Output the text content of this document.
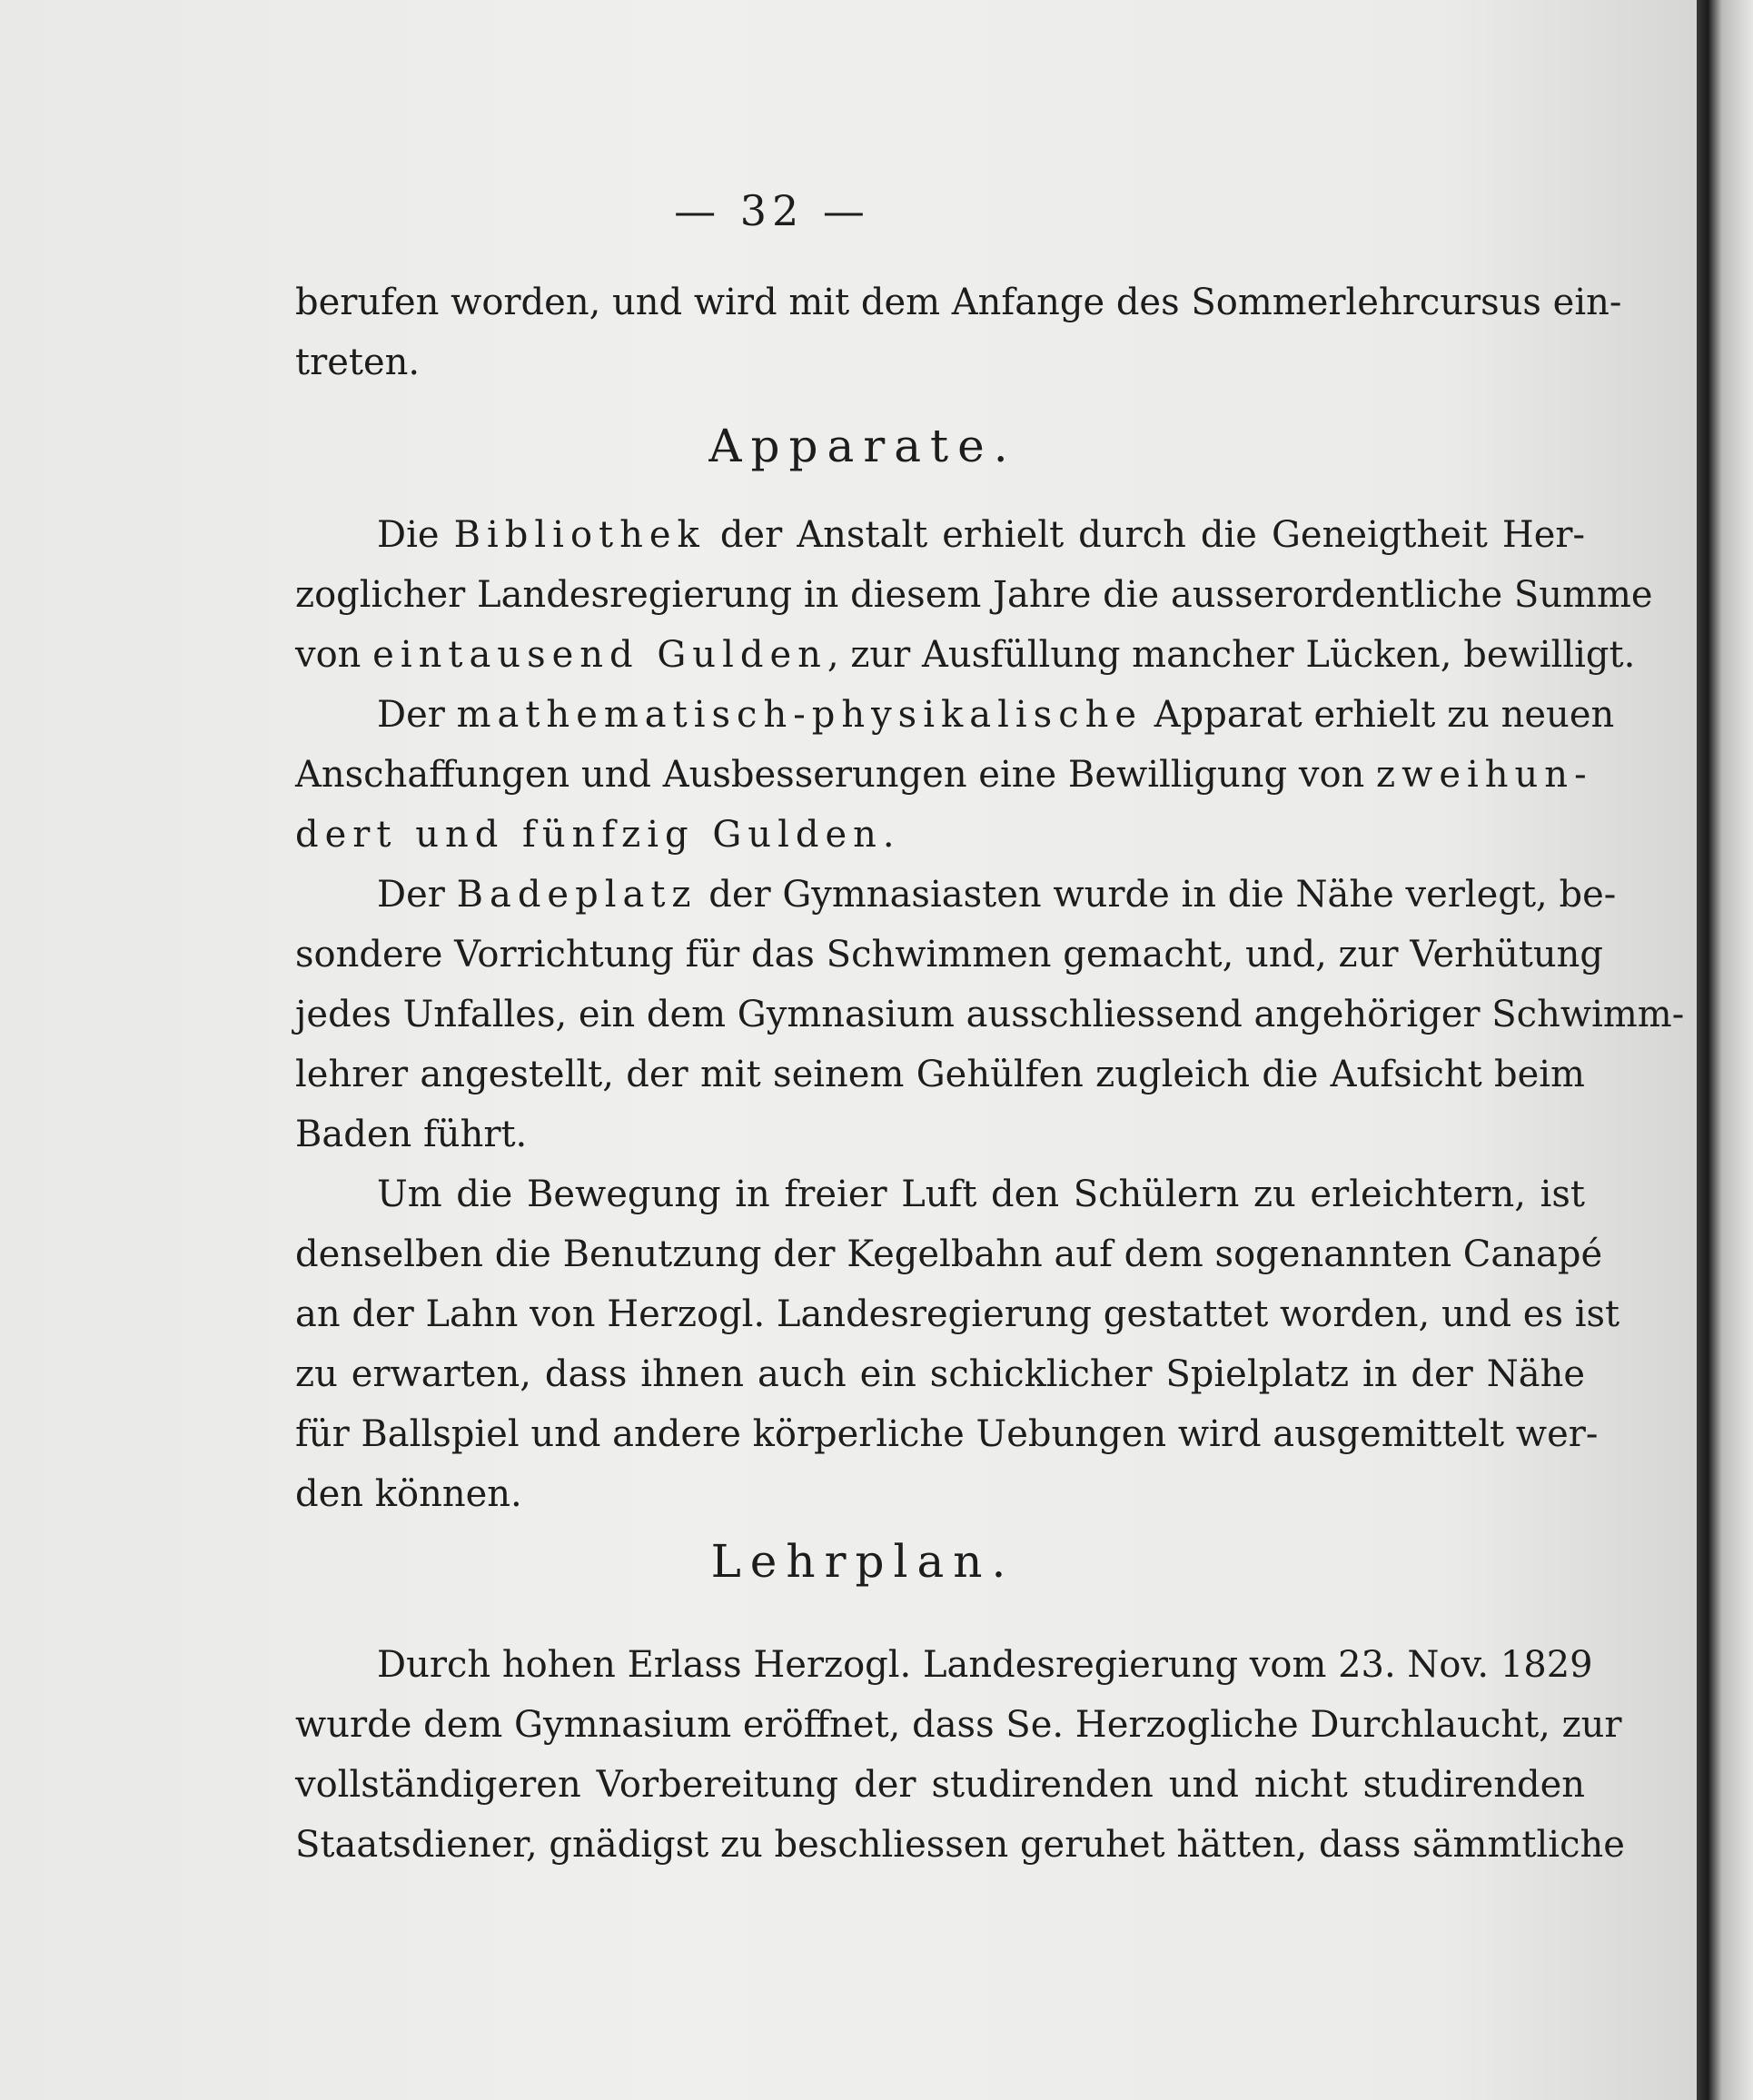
— 32 —
berufen worden, und wird mit dem Anfange des Sommerlehrcursus ein-
treten.
Apparate.
Die Bibliothek der Anstalt erhielt durch die Geneigtheit Her-
zoglicher Landesregierung in diesem Jahre die ausserordentliche Summe
von eintausend Gulden, zur Ausfüllung mancher Lücken, bewilligt.
Der mathematisch-physikalische Apparat erhielt zu neuen
Anschaffungen und Ausbesserungen eine Bewilligung von zweihun-
dert und fünfzig Gulden.
Der Badeplatz der Gymnasiasten wurde in die Nähe verlegt, be-
sondere Vorrichtung für das Schwimmen gemacht, und, zur Verhütung
jedes Unfalles, ein dem Gymnasium ausschliessend angehöriger Schwimm-
lehrer angestellt, der mit seinem Gehülfen zugleich die Aufsicht beim
Baden führt.
Um die Bewegung in freier Luft den Schülern zu erleichtern, ist
denselben die Benutzung der Kegelbahn auf dem sogenannten Canapé
an der Lahn von Herzogl. Landesregierung gestattet worden, und es ist
zu erwarten, dass ihnen auch ein schicklicher Spielplatz in der Nähe
für Ballspiel und andere körperliche Uebungen wird ausgemittelt wer-
den können.
Lehrplan.
Durch hohen Erlass Herzogl. Landesregierung vom 23. Nov. 1829
wurde dem Gymnasium eröffnet, dass Se. Herzogliche Durchlaucht, zur
vollständigeren Vorbereitung der studirenden und nicht studirenden
Staatsdiener, gnädigst zu beschliessen geruhet hätten, dass sämmtliche
